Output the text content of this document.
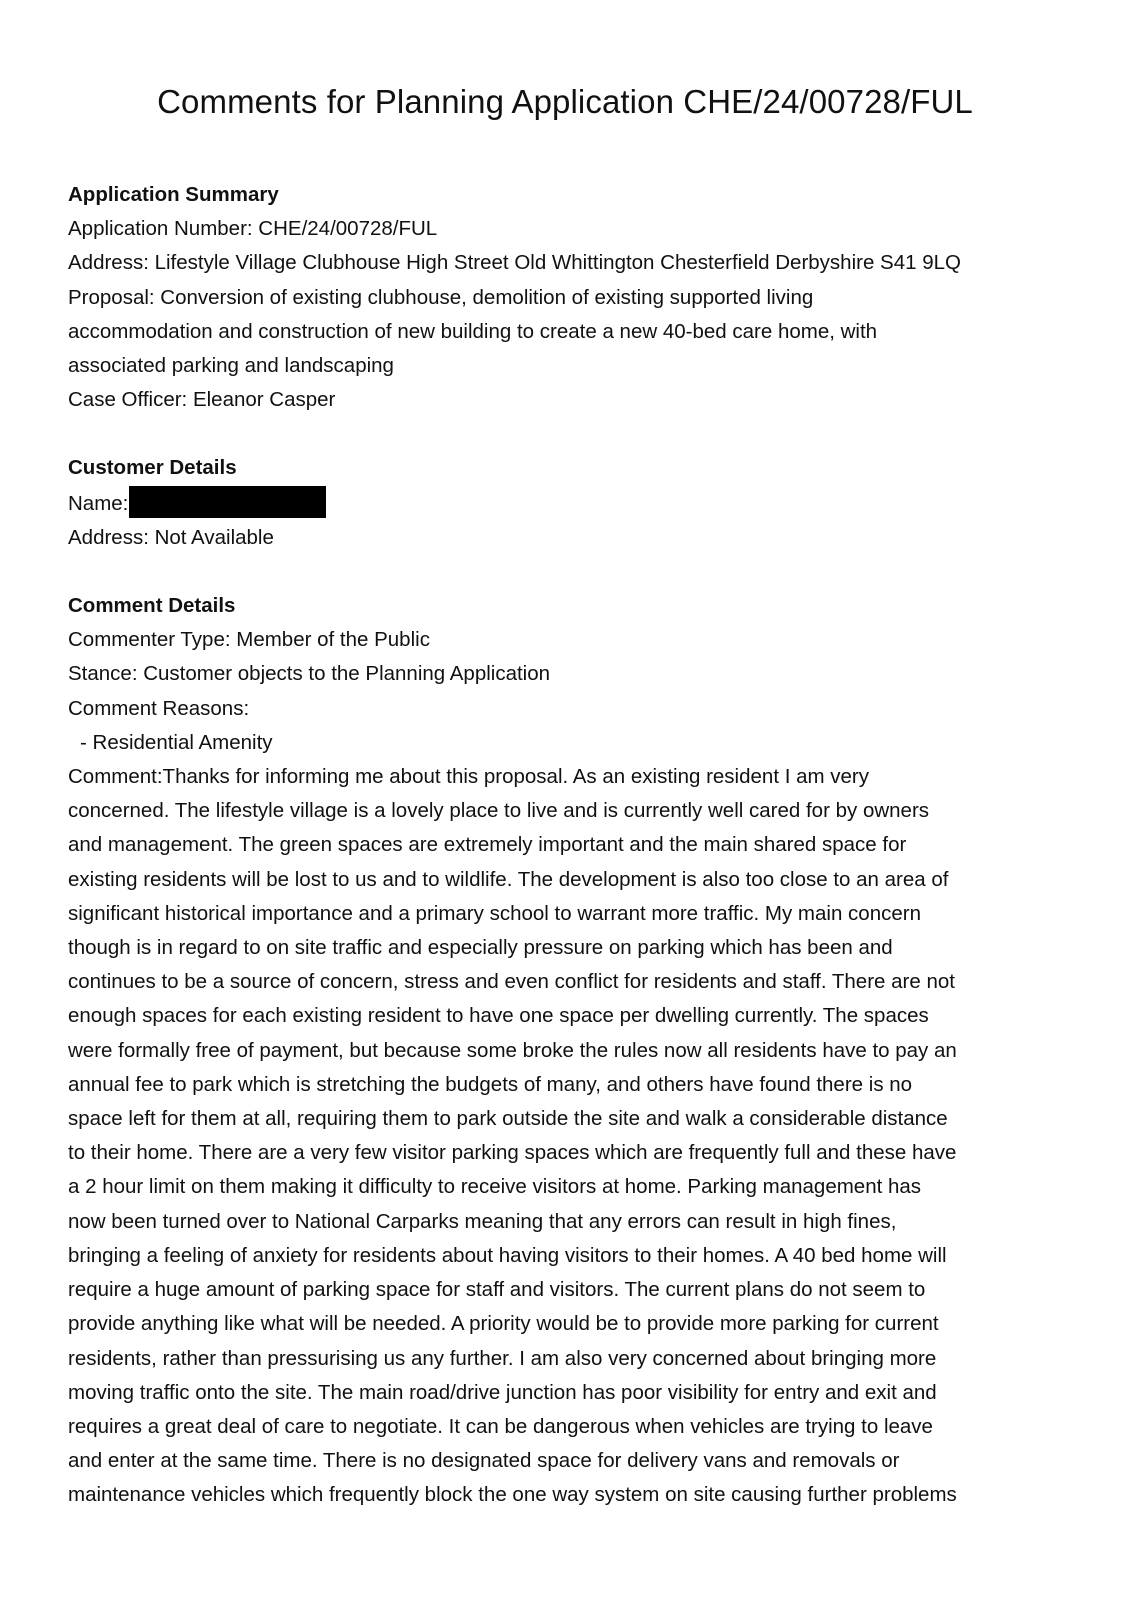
Comments for Planning Application CHE/24/00728/FUL

Application Summary

Application Number: CHE/24/00728/FUL

Address: Lifestyle Village Clubhouse High Street Old Whittington Chesterfield Derbyshire S41 9LQ

Proposal: Conversion of existing clubhouse, demolition of existing supported living

accommodation and construction of new building to create a new 40-bed care home, with

associated parking and landscaping

Case Officer: Eleanor Casper

Customer Details

Name:

Address: Not Available

Comment Details

Commenter Type: Member of the Public

Stance: Customer objects to the Planning Application

Comment Reasons:

- Residential Amenity

Comment:Thanks for informing me about this proposal. As an existing resident I am very
concerned. The lifestyle village is a lovely place to live and is currently well cared for by owners
and management. The green spaces are extremely important and the main shared space for
existing residents will be lost to us and to wildlife. The development is also too close to an area of
significant historical importance and a primary school to warrant more traffic. My main concern
though is in regard to on site traffic and especially pressure on parking which has been and
continues to be a source of concern, stress and even conflict for residents and staff. There are not
enough spaces for each existing resident to have one space per dwelling currently. The spaces
were formally free of payment, but because some broke the rules now all residents have to pay an
annual fee to park which is stretching the budgets of many, and others have found there is no
space left for them at all, requiring them to park outside the site and walk a considerable distance
to their home. There are a very few visitor parking spaces which are frequently full and these have
a 2 hour limit on them making it difficulty to receive visitors at home. Parking management has
now been turned over to National Carparks meaning that any errors can result in high fines,
bringing a feeling of anxiety for residents about having visitors to their homes. A 40 bed home will
require a huge amount of parking space for staff and visitors. The current plans do not seem to
provide anything like what will be needed. A priority would be to provide more parking for current
residents, rather than pressurising us any further. I am also very concerned about bringing more
moving traffic onto the site. The main road/drive junction has poor visibility for entry and exit and
requires a great deal of care to negotiate. It can be dangerous when vehicles are trying to leave
and enter at the same time. There is no designated space for delivery vans and removals or
maintenance vehicles which frequently block the one way system on site causing further problems
